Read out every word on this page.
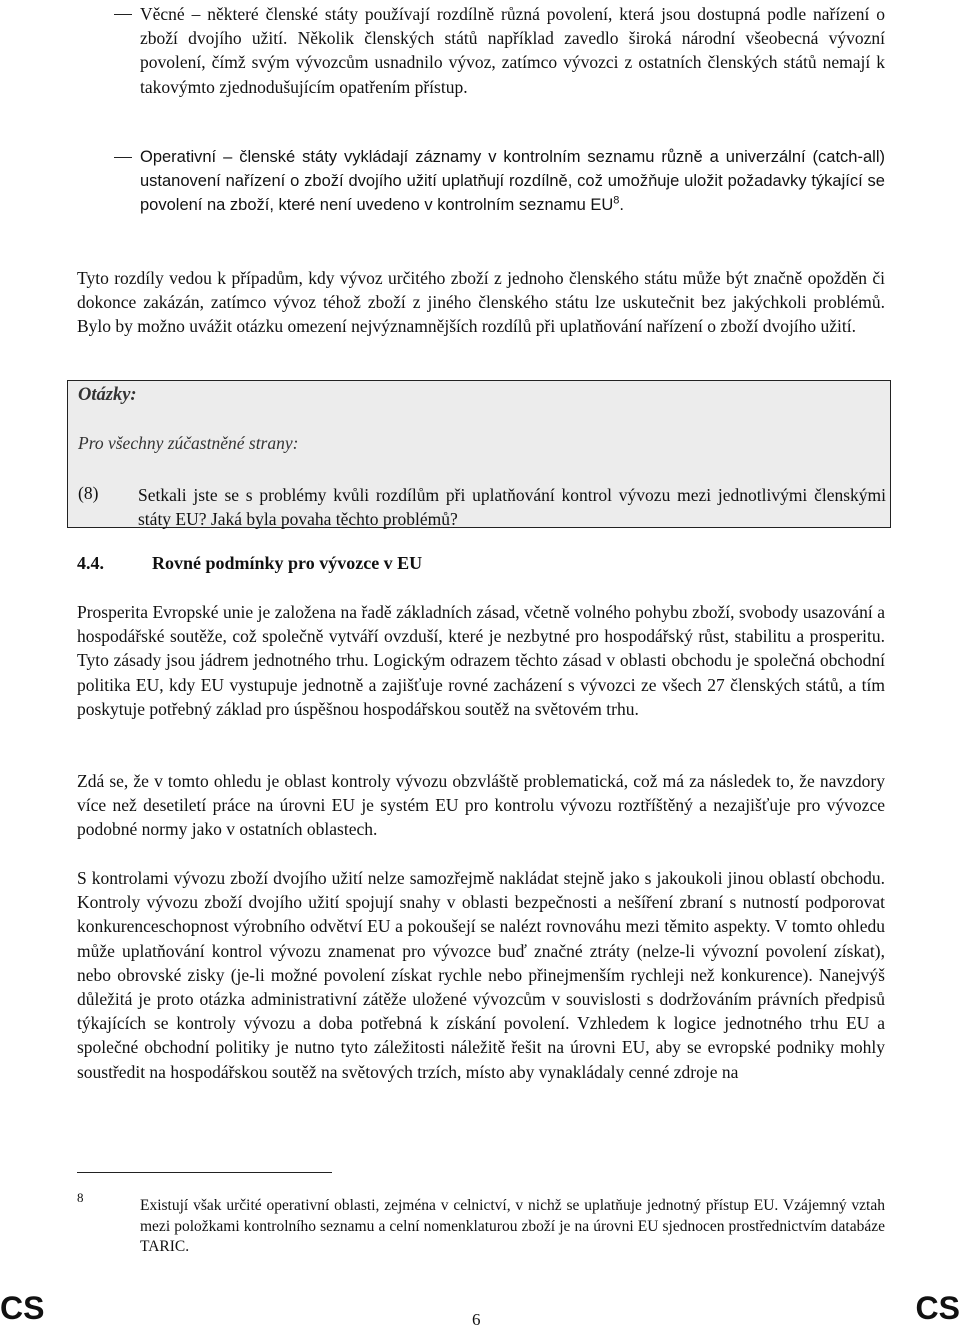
Věcné – některé členské státy používají rozdílně různá povolení, která jsou dostupná podle nařízení o zboží dvojího užití. Několik členských států například zavedlo široká národní všeobecná vývozní povolení, čímž svým vývozcům usnadnilo vývoz, zatímco vývozci z ostatních členských států nemají k takovýmto zjednodušujícím opatřením přístup.
Operativní – členské státy vykládají záznamy v kontrolním seznamu různě a univerzální (catch-all) ustanovení nařízení o zboží dvojího užití uplatňují rozdílně, což umožňuje uložit požadavky týkající se povolení na zboží, které není uvedeno v kontrolním seznamu $EU^8$.
Tyto rozdíly vedou k případům, kdy vývoz určitého zboží z jednoho členského státu může být značně opožděn či dokonce zakázán, zatímco vývoz téhož zboží z jiného členského státu lze uskutečnit bez jakýchkoli problémů. Bylo by možno uvážit otázku omezení nejvýznamnějších rozdílů při uplatňování nařízení o zboží dvojího užití.
Otázky:
Pro všechny zúčastněné strany:
(8) Setkali jste se s problémy kvůli rozdílům při uplatňování kontrol vývozu mezi jednotlivými členskými státy EU? Jaká byla povaha těchto problémů?
4.4.	Rovné podmínky pro vývozce v EU
Prosperita Evropské unie je založena na řadě základních zásad, včetně volného pohybu zboží, svobody usazování a hospodářské soutěže, což společně vytváří ovzduší, které je nezbytné pro hospodářský růst, stabilitu a prosperitu. Tyto zásady jsou jádrem jednotného trhu. Logickým odrazem těchto zásad v oblasti obchodu je společná obchodní politika EU, kdy EU vystupuje jednotně a zajišťuje rovné zacházení s vývozci ze všech 27 členských států, a tím poskytuje potřebný základ pro úspěšnou hospodářskou soutěž na světovém trhu.
Zdá se, že v tomto ohledu je oblast kontroly vývozu obzvláště problematická, což má za následek to, že navzdory více než desetiletí práce na úrovni EU je systém EU pro kontrolu vývozu roztříštěný a nezajišťuje pro vývozce podobné normy jako v ostatních oblastech.
S kontrolami vývozu zboží dvojího užití nelze samozřejmě nakládat stejně jako s jakoukoli jinou oblastí obchodu. Kontroly vývozu zboží dvojího užití spojují snahy v oblasti bezpečnosti a nešíření zbraní s nutností podporovat konkurenceschopnost výrobního odvětví EU a pokoušejí se nalézt rovnováhu mezi těmito aspekty. V tomto ohledu může uplatňování kontrol vývozu znamenat pro vývozce buď značné ztráty (nelze-li vývozní povolení získat), nebo obrovské zisky (je-li možné povolení získat rychle nebo přinejmenším rychleji než konkurence). Nanejvýš důležitá je proto otázka administrativní zátěže uložené vývozcům v souvislosti s dodržováním právních předpisů týkajících se kontroly vývozu a doba potřebná k získání povolení. Vzhledem k logice jednotného trhu EU a společné obchodní politiky je nutno tyto záležitosti náležitě řešit na úrovni EU, aby se evropské podniky mohly soustředit na hospodářskou soutěž na světových trzích, místo aby vynakládaly cenné zdroje na
8	Existují však určité operativní oblasti, zejména v celnictví, v nichž se uplatňuje jednotný přístup EU. Vzájemný vztah mezi položkami kontrolního seznamu a celní nomenklaturou zboží je na úrovni EU sjednocen prostřednictvím databáze TARIC.
CS	6	CS
